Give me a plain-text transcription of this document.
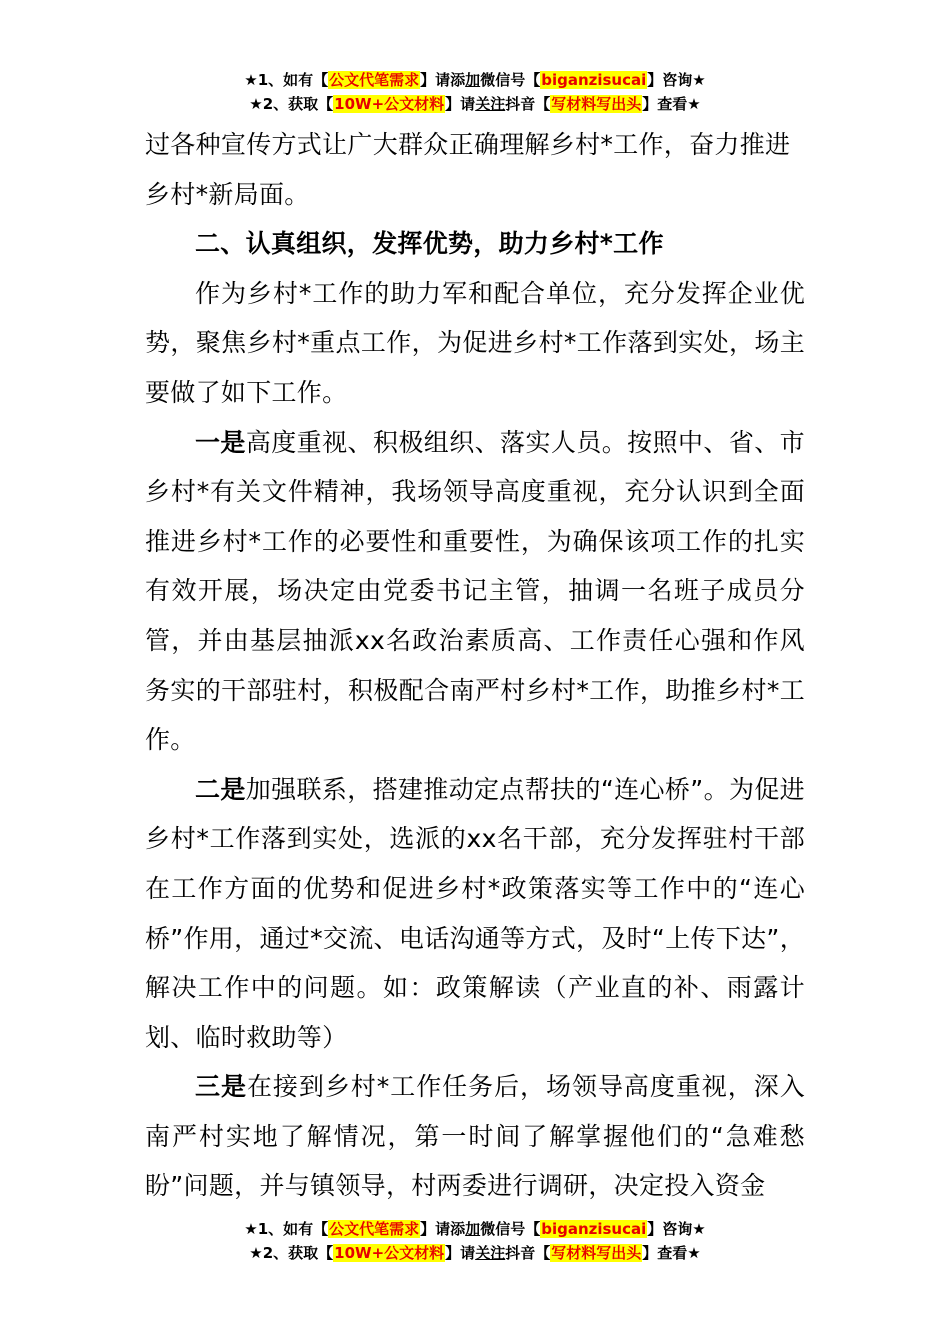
★1、如有【公文代笔需求】请添加微信号【biganzisucai】咨询★
★2、获取【10W+公文材料】请关注抖音【写材料写出头】查看★

过各种宣传方式让广大群众正确理解乡村*工作，奋力推进
乡村*新局面。

二、认真组织，发挥优势，助力乡村*工作

作为乡村*工作的助力军和配合单位，充分发挥企业优势，聚焦乡村*重点工作，为促进乡村*工作落到实处，场主要做了如下工作。

一是高度重视、积极组织、落实人员。按照中、省、市乡村*有关文件精神，我场领导高度重视，充分认识到全面推进乡村*工作的必要性和重要性，为确保该项工作的扎实有效开展，场决定由党委书记主管，抽调一名班子成员分管，并由基层抽派xx名政治素质高、工作责任心强和作风务实的干部驻村，积极配合南严村乡村*工作，助推乡村*工作。

二是加强联系，搭建推动定点帮扶的“连心桥”。为促进乡村*工作落到实处，选派的xx名干部，充分发挥驻村干部在工作方面的优势和促进乡村*政策落实等工作中的“连心桥”作用，通过*交流、电话沟通等方式，及时“上传下达”，解决工作中的问题。如：政策解读（产业直的补、雨露计划、临时救助等）

三是在接到乡村*工作任务后，场领导高度重视，深入南严村实地了解情况，第一时间了解掌握他们的“急难愁盼”问题，并与镇领导，村两委进行调研，决定投入资金

★1、如有【公文代笔需求】请添加微信号【biganzisucai】咨询★
★2、获取【10W+公文材料】请关注抖音【写材料写出头】查看★
